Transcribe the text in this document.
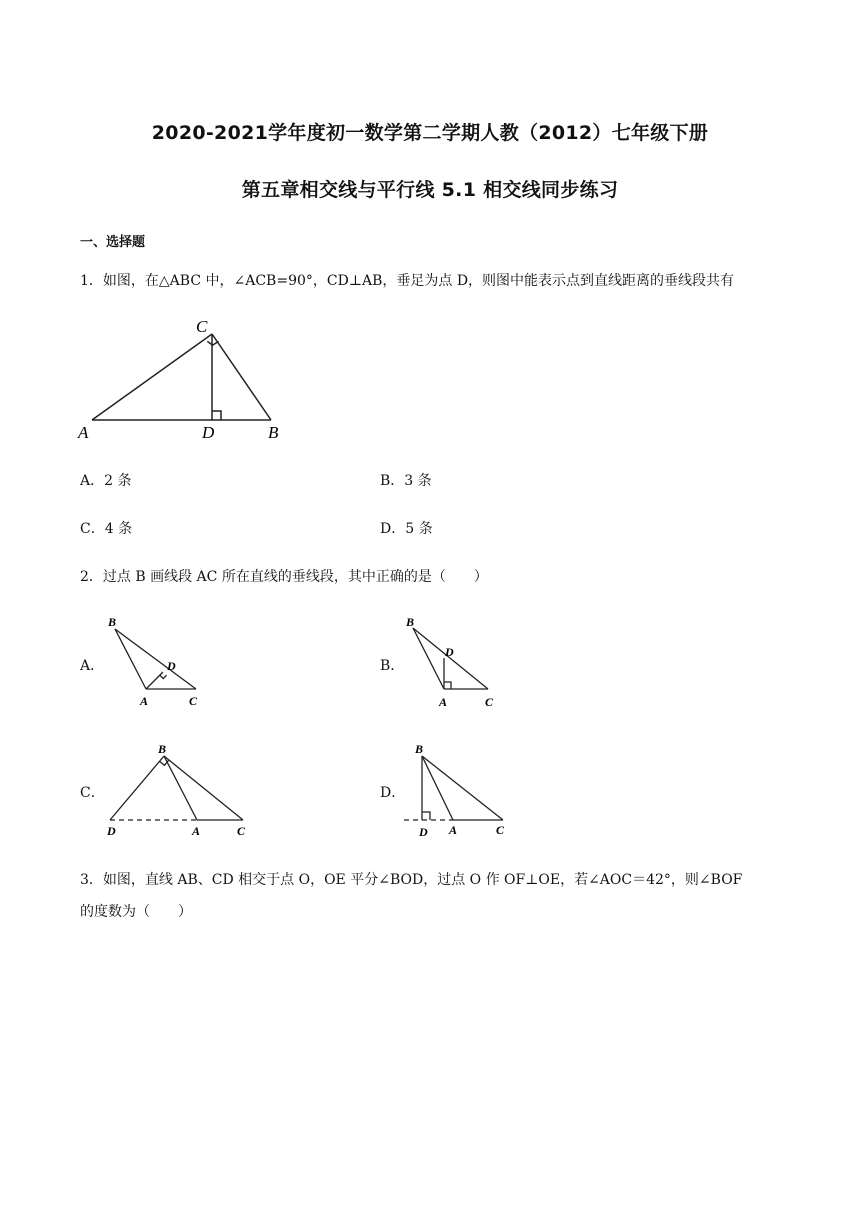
2020-2021学年度初一数学第二学期人教（2012）七年级下册
第五章相交线与平行线 5.1 相交线同步练习
一、选择题
1．如图，在△ABC 中，∠ACB=90°，CD⊥AB，垂足为点 D，则图中能表示点到直线距离的垂线段共有
C
A	D	B
A．2 条	B．3 条
C．4 条	D．5 条
2．过点 B 画线段 AC 所在直线的垂线段，其中正确的是（　　）
A．
B
D
A	C
B．
B
D
A	C
C．
B
D	A	C
D．
B
D A	C
3．如图，直线 AB、CD 相交于点 O，OE 平分∠BOD，过点 O 作 OF⊥OE，若∠AOC＝42°，则∠BOF
的度数为（　　）
